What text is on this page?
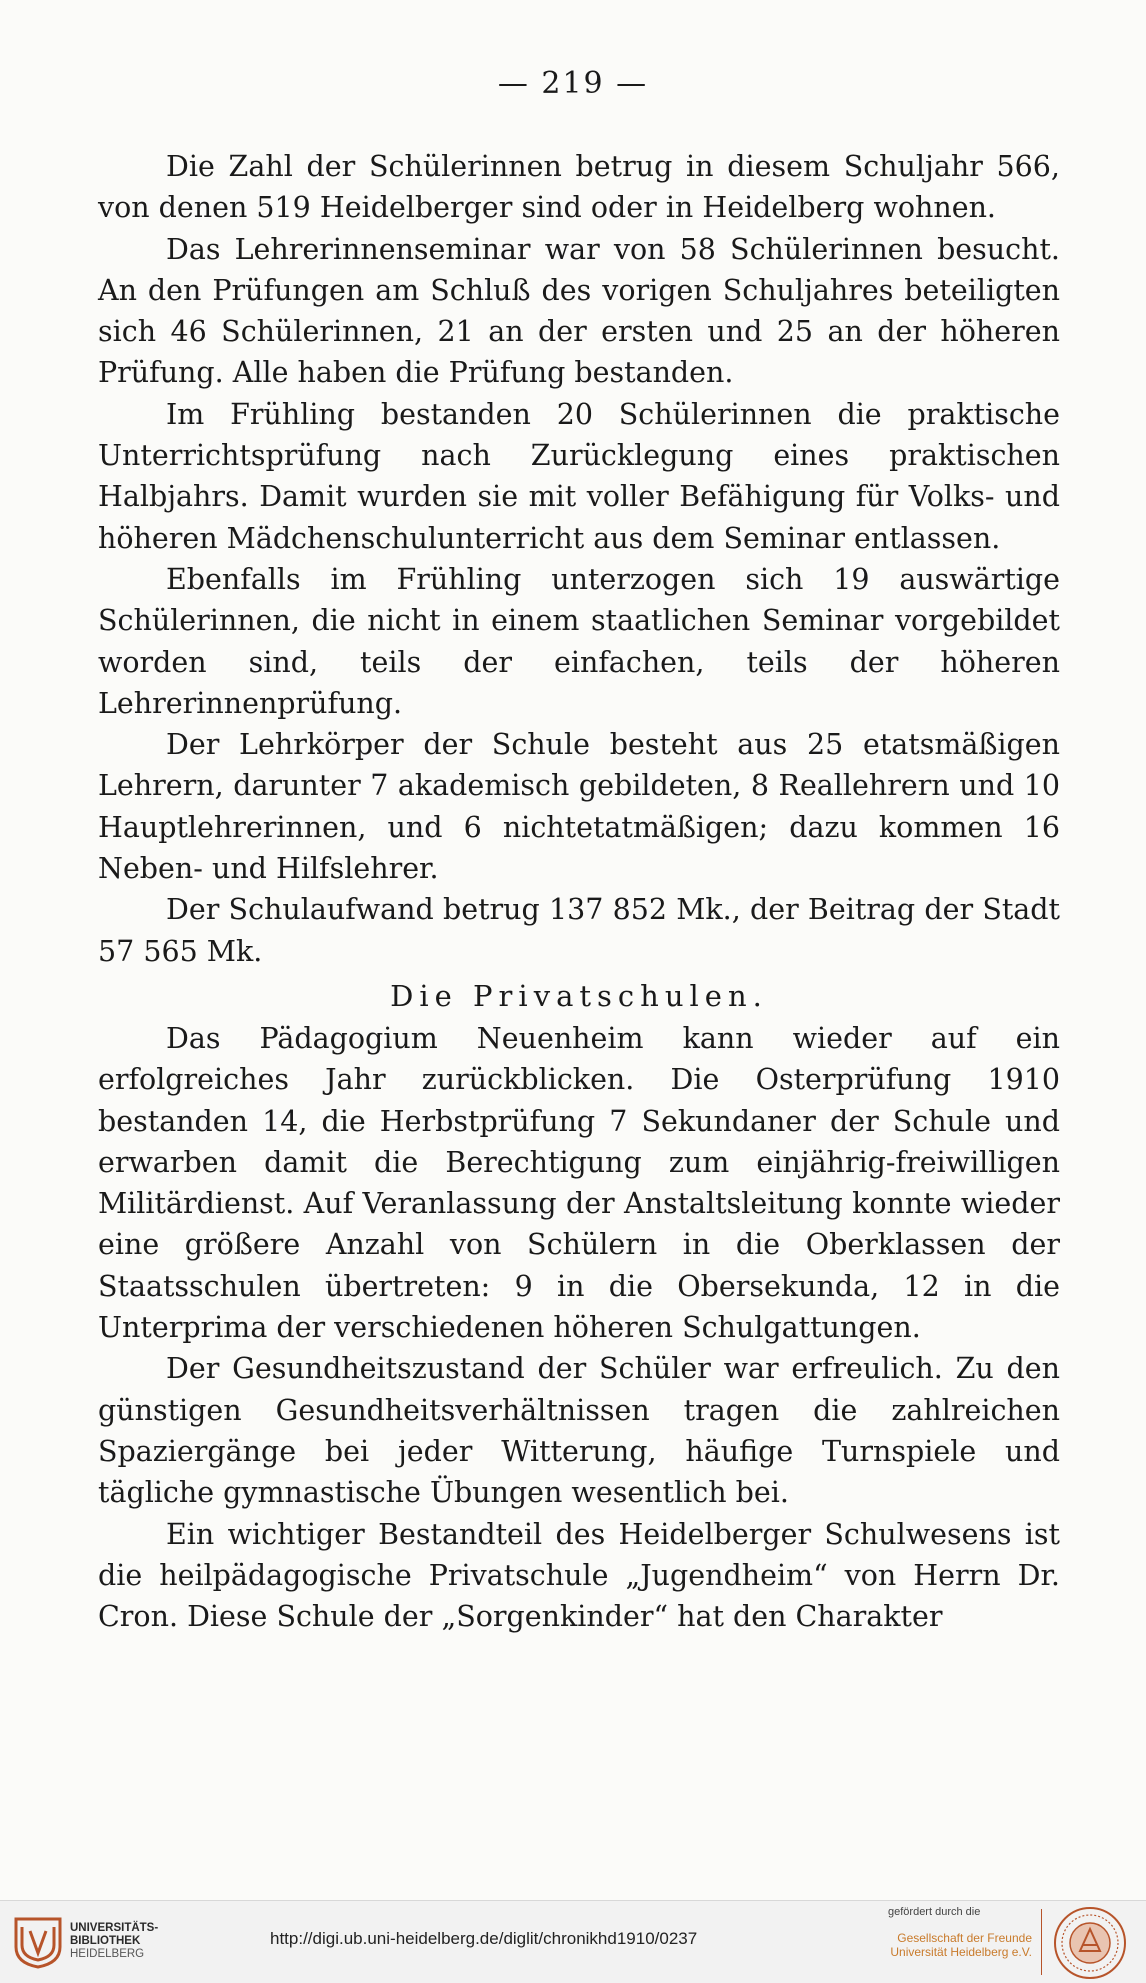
— 219 —

Die Zahl der Schülerinnen betrug in diesem Schuljahr 566, von denen 519 Heidelberger sind oder in Heidelberg wohnen.

Das Lehrerinnenseminar war von 58 Schülerinnen besucht. An den Prüfungen am Schluß des vorigen Schuljahres beteiligten sich 46 Schülerinnen, 21 an der ersten und 25 an der höheren Prüfung. Alle haben die Prüfung bestanden.

Im Frühling bestanden 20 Schülerinnen die praktische Unterrichtsprüfung nach Zurücklegung eines praktischen Halbjahrs. Damit wurden sie mit voller Befähigung für Volks- und höheren Mädchenschulunterricht aus dem Seminar entlassen.

Ebenfalls im Frühling unterzogen sich 19 auswärtige Schülerinnen, die nicht in einem staatlichen Seminar vorgebildet worden sind, teils der einfachen, teils der höheren Lehrerinnenprüfung.

Der Lehrkörper der Schule besteht aus 25 etatsmäßigen Lehrern, darunter 7 akademisch gebildeten, 8 Reallehrern und 10 Hauptlehrerinnen, und 6 nichtetatmäßigen; dazu kommen 16 Neben- und Hilfslehrer.

Der Schulaufwand betrug 137 852 Mk., der Beitrag der Stadt 57 565 Mk.

Die Privatschulen.

Das Pädagogium Neuenheim kann wieder auf ein erfolgreiches Jahr zurückblicken. Die Osterprüfung 1910 bestanden 14, die Herbstprüfung 7 Sekundaner der Schule und erwarben damit die Berechtigung zum einjährig-freiwilligen Militärdienst. Auf Veranlassung der Anstaltsleitung konnte wieder eine größere Anzahl von Schülern in die Oberklassen der Staatsschulen übertreten: 9 in die Obersekunda, 12 in die Unterprima der verschiedenen höheren Schulgattungen.

Der Gesundheitszustand der Schüler war erfreulich. Zu den günstigen Gesundheitsverhältnissen tragen die zahlreichen Spaziergänge bei jeder Witterung, häufige Turnspiele und tägliche gymnastische Übungen wesentlich bei.

Ein wichtiger Bestandteil des Heidelberger Schulwesens ist die heilpädagogische Privatschule „Jugendheim“ von Herrn Dr. Cron. Diese Schule der „Sorgenkinder“ hat den Charakter

UNIVERSITÄTS-
BIBLIOTHEK
HEIDELBERG
http://digi.ub.uni-heidelberg.de/diglit/chronikhd1910/0237
gefördert durch die
Gesellschaft der Freunde
Universität Heidelberg e.V.
